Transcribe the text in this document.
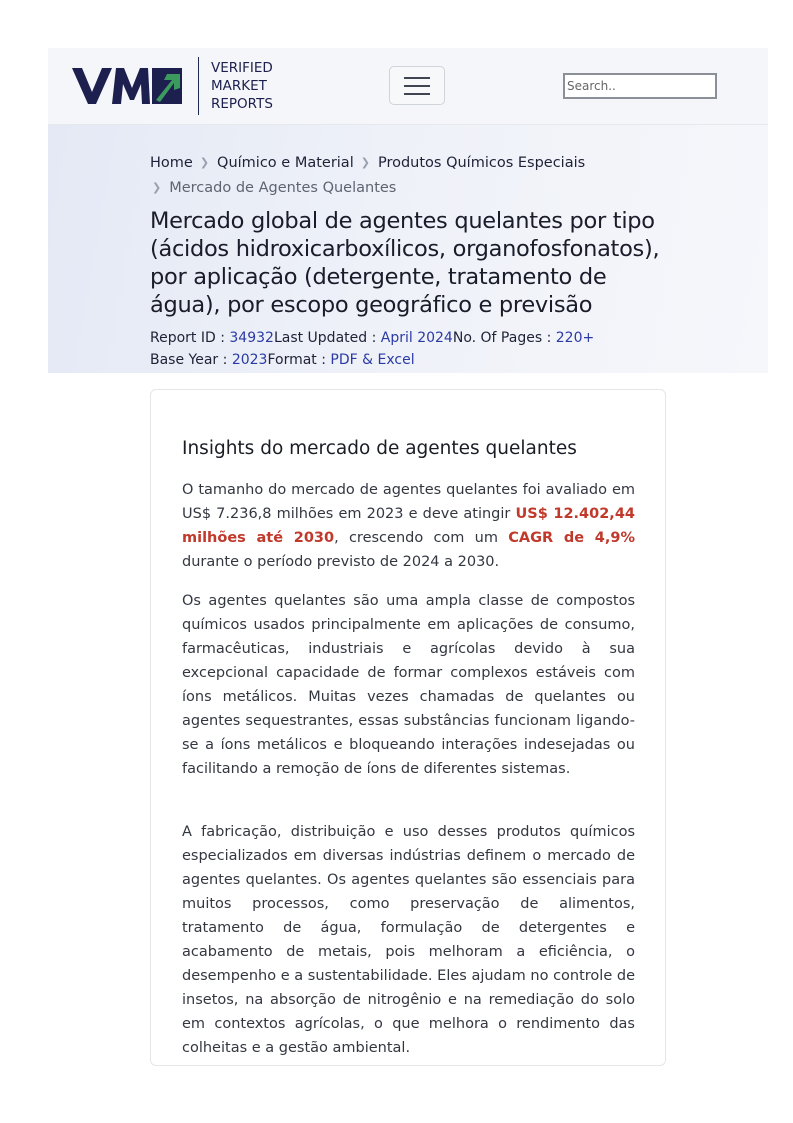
VERIFIED
MARKET
REPORTS
Search..
Home ❯ Químico e Material ❯ Produtos Químicos Especiais
❯ Mercado de Agentes Quelantes
Mercado global de agentes quelantes por tipo (ácidos hidroxicarboxílicos, organofosfonatos), por aplicação (detergente, tratamento de água), por escopo geográfico e previsão
Report ID : 34932Last Updated : April 2024No. Of Pages : 220+
Base Year : 2023Format : PDF & Excel
Insights do mercado de agentes quelantes

O tamanho do mercado de agentes quelantes foi avaliado em US$ 7.236,8 milhões em 2023 e deve atingir US$ 12.402,44 milhões até 2030, crescendo com um CAGR de 4,9% durante o período previsto de 2024 a 2030.

Os agentes quelantes são uma ampla classe de compostos químicos usados principalmente em aplicações de consumo, farmacêuticas, industriais e agrícolas devido à sua excepcional capacidade de formar complexos estáveis com íons metálicos. Muitas vezes chamadas de quelantes ou agentes sequestrantes, essas substâncias funcionam ligando-se a íons metálicos e bloqueando interações indesejadas ou facilitando a remoção de íons de diferentes sistemas.

A fabricação, distribuição e uso desses produtos químicos especializados em diversas indústrias definem o mercado de agentes quelantes. Os agentes quelantes são essenciais para muitos processos, como preservação de alimentos, tratamento de água, formulação de detergentes e acabamento de metais, pois melhoram a eficiência, o desempenho e a sustentabilidade. Eles ajudam no controle de insetos, na absorção de nitrogênio e na remediação do solo em contextos agrícolas, o que melhora o rendimento das colheitas e a gestão ambiental.
